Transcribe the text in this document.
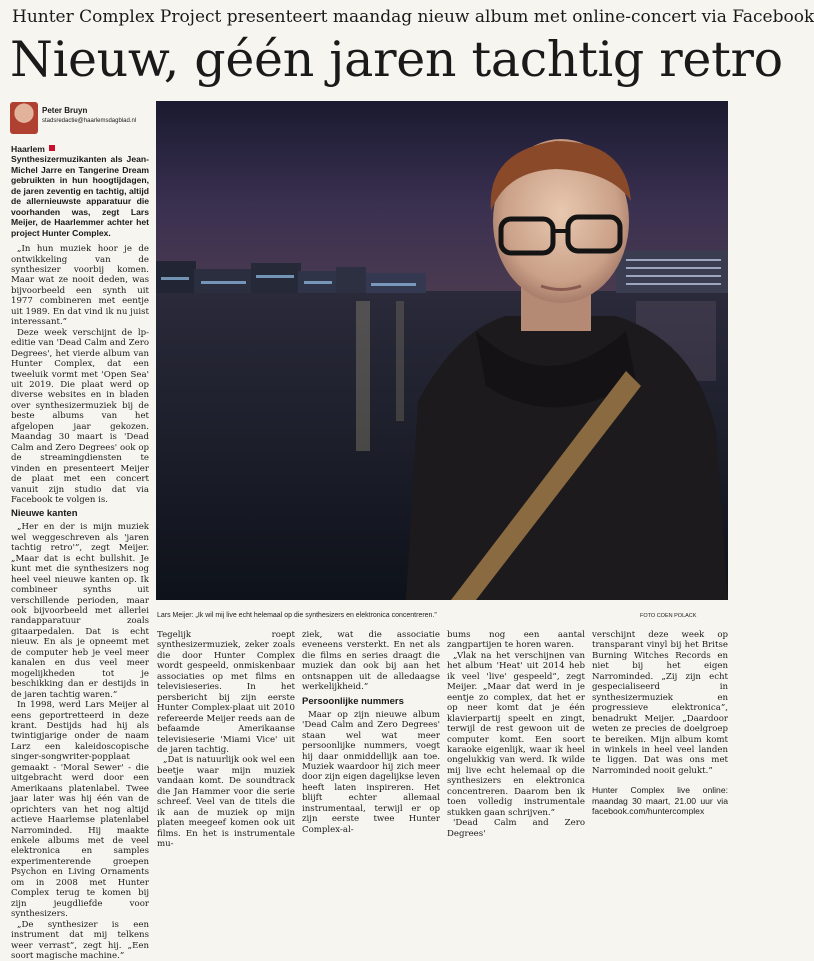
Hunter Complex Project presenteert maandag nieuw album met online-concert via Facebook
Nieuw, géén jaren tachtig retro
Peter Bruyn
stadsredactie@haarlemsdagblad.nl
Lars Meijer: „Ik wil mij live echt helemaal op die synthesizers en elektronica concentreren.”	FOTO COEN POLACK

HaarlemSynthesizermuzikanten als Jean-Michel Jarre en Tangerine Dream gebruikten in hun hoogtijdagen, de jaren zeventig en tachtig, altijd de allernieuwste apparatuur die voorhanden was, zegt Lars Meijer, de Haarlemmer achter het project Hunter Complex.

„In hun muziek hoor je de ontwikkeling van de synthesizer voorbij komen. Maar wat ze nooit deden, was bijvoorbeeld een synth uit 1977 combineren met eentje uit 1989. En dat vind ik nu juist interessant.”

Deze week verschijnt de lp-editie van 'Dead Calm and Zero Degrees', het vierde album van Hunter Complex, dat een tweeluik vormt met 'Open Sea' uit 2019. Die plaat werd op diverse websites en in bladen over synthesizermuziek bij de beste albums van het afgelopen jaar gekozen. Maandag 30 maart is 'Dead Calm and Zero Degrees' ook op de streamingdiensten te vinden en presenteert Meijer de plaat met een concert vanuit zijn studio dat via Facebook te volgen is.

Nieuwe kanten

„Her en der is mijn muziek wel weggeschreven als 'jaren tachtig retro'”, zegt Meijer. „Maar dat is echt bullshit. Je kunt met die synthesizers nog heel veel nieuwe kanten op. Ik combineer synths uit verschillende perioden, maar ook bijvoorbeeld met allerlei randapparatuur zoals gitaarpedalen. Dat is echt nieuw. En als je opneemt met de computer heb je veel meer kanalen en dus veel meer mogelijkheden tot je beschikking dan er destijds in de jaren tachtig waren.”

In 1998, werd Lars Meijer al eens geportretteerd in deze krant. Destijds had hij als twintigjarige onder de naam Larz een kaleidoscopische singer-songwriter-popplaat gemaakt - 'Moral Sewer' - die uitgebracht werd door een Amerikaans platenlabel. Twee jaar later was hij één van de oprichters van het nog altijd actieve Haarlemse platenlabel Narrominded. Hij maakte enkele albums met de veel elektronica en samples experimenterende groepen Psychon en Living Ornaments om in 2008 met Hunter Complex terug te komen bij zijn jeugdliefde voor synthesizers.

„De synthesizer is een instrument dat mij telkens weer verrast”, zegt hij. „Een soort magische machine.”

Tegelijk roept synthesizermuziek, zeker zoals die door Hunter Complex wordt gespeeld, onmiskenbaar associaties op met films en televisieseries. In het persbericht bij zijn eerste Hunter Complex-plaat uit 2010 refereerde Meijer reeds aan de befaamde Amerikaanse televisieserie 'Miami Vice' uit de jaren tachtig.

„Dat is natuurlijk ook wel een beetje waar mijn muziek vandaan komt. De soundtrack die Jan Hammer voor die serie schreef. Veel van de titels die ik aan de muziek op mijn platen meegeef komen ook uit films. En het is instrumentale mu-

ziek, wat die associatie eveneens versterkt. En net als die films en series draagt die muziek dan ook bij aan het ontsnappen uit de alledaagse werkelijkheid.”

Persoonlijke nummers

Maar op zijn nieuwe album 'Dead Calm and Zero Degrees' staan wel wat meer persoonlijke nummers, voegt hij daar onmiddellijk aan toe. Muziek waardoor hij zich meer door zijn eigen dagelijkse leven heeft laten inspireren. Het blijft echter allemaal instrumentaal, terwijl er op zijn eerste twee Hunter Complex-al-

bums nog een aantal zangpartijen te horen waren.

„Vlak na het verschijnen van het album 'Heat' uit 2014 heb ik veel 'live' gespeeld”, zegt Meijer. „Maar dat werd in je eentje zo complex, dat het er op neer komt dat je één klavierpartij speelt en zingt, terwijl de rest gewoon uit de computer komt. Een soort karaoke eigenlijk, waar ik heel ongelukkig van werd. Ik wilde mij live echt helemaal op die synthesizers en elektronica concentreren. Daarom ben ik toen volledig instrumentale stukken gaan schrijven.”

'Dead Calm and Zero Degrees'

verschijnt deze week op transparant vinyl bij het Britse Burning Witches Records en niet bij het eigen Narrominded. „Zij zijn echt gespecialiseerd in synthesizermuziek en progressieve elektronica”, benadrukt Meijer. „Daardoor weten ze precies de doelgroep te bereiken. Mijn album komt in winkels in heel veel landen te liggen. Dat was ons met Narrominded nooit gelukt.”

Hunter Complex live online: maandag 30 maart, 21.00 uur via facebook.com/huntercomplex
